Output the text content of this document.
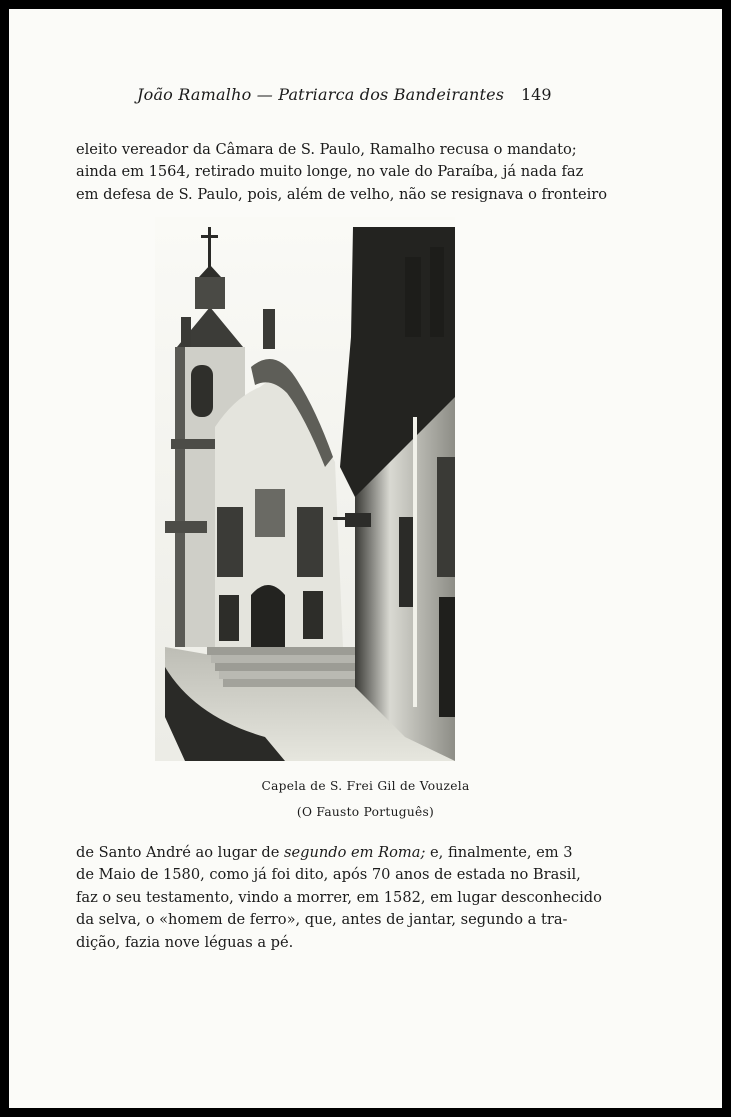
João Ramalho — Patriarca dos Bandeirantes 149
eleito vereador da Câmara de S. Paulo, Ramalho recusa o mandato;
ainda em 1564, retirado muito longe, no vale do Paraíba, já nada faz
em defesa de S. Paulo, pois, além de velho, não se resignava o fronteiro
Capela de S. Frei Gil de Vouzela
(O Fausto Português)
de Santo André ao lugar de segundo em Roma; e, finalmente, em 3
de Maio de 1580, como já foi dito, após 70 anos de estada no Brasil,
faz o seu testamento, vindo a morrer, em 1582, em lugar desconhecido
da selva, o «homem de ferro», que, antes de jantar, segundo a tra-
dição, fazia nove léguas a pé.
